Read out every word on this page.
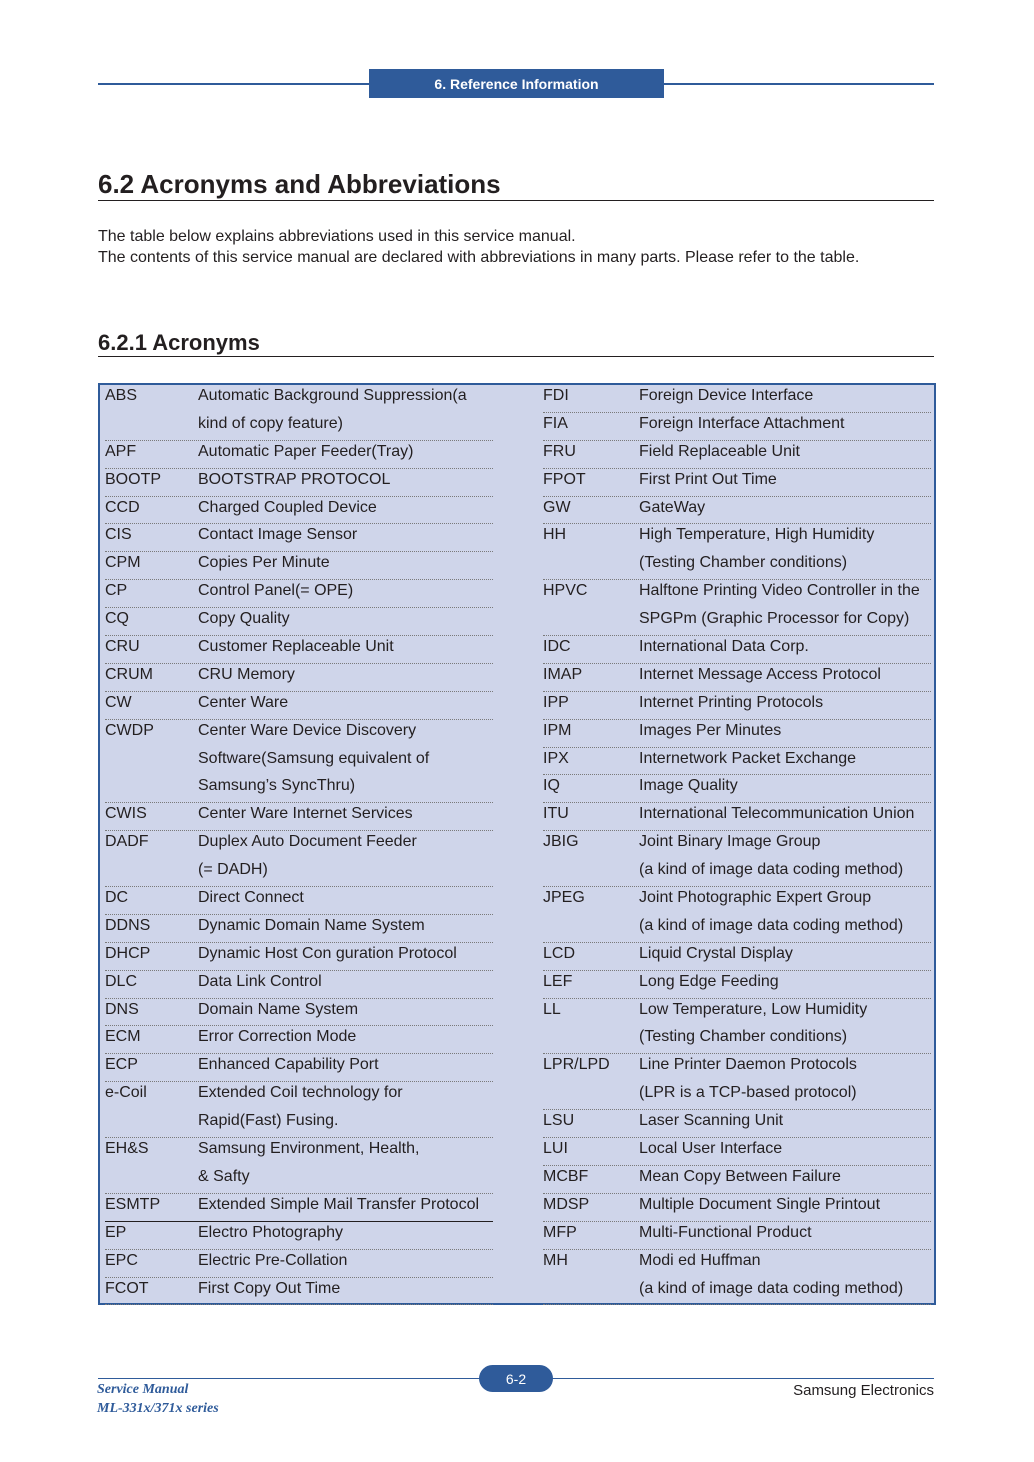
6. Reference Information
6.2 Acronyms and Abbreviations

The table below explains abbreviations used in this service manual.

The contents of this service manual are declared with abbreviations in many parts. Please refer to the table.

6.2.1 Acronyms
ABS	Automatic Background Suppression(a
kind of copy feature)
APF	Automatic Paper Feeder(Tray)
BOOTP BOOTSTRAP PROTOCOL
CCD	Charged Coupled Device
CIS	Contact Image Sensor
CPM	Copies Per Minute
CP	Control Panel(= OPE)
CQ	Copy Quality
CRU	Customer Replaceable Unit
CRUM	CRU Memory
CW	Center Ware
CWDP	Center Ware Device Discovery
Software(Samsung equivalent of
Samsung’s SyncThru)
CWIS	Center Ware Internet Services
DADF	Duplex Auto Document Feeder
(= DADH)
DC	Direct Connect
DDNS	Dynamic Domain Name System
DHCP	Dynamic Host Con guration Protocol
DLC	Data Link Control
DNS	Domain Name System
ECM	Error Correction Mode
ECP	Enhanced Capability Port
e-Coil	Extended Coil technology for
Rapid(Fast) Fusing.
EH&S	Samsung Environment, Health,
& Safty
ESMTP Extended Simple Mail Transfer Protocol
EP	Electro Photography
EPC	Electric Pre-Collation
FCOT	First Copy Out Time
FDI	Foreign Device Interface
FIA	Foreign Interface Attachment
FRU	Field Replaceable Unit
FPOT	First Print Out Time
GW	GateWay
HH	High Temperature, High Humidity
(Testing Chamber conditions)
HPVC	Halftone Printing Video Controller in the
SPGPm (Graphic Processor for Copy)
IDC	International Data Corp.
IMAP	Internet Message Access Protocol
IPP	Internet Printing Protocols
IPM	Images Per Minutes
IPX	Internetwork Packet Exchange
IQ	Image Quality
ITU	International Telecommunication Union
JBIG	Joint Binary Image Group
(a kind of image data coding method)
JPEG	Joint Photographic Expert Group
(a kind of image data coding method)
LCD	Liquid Crystal Display
LEF	Long Edge Feeding
LL	Low Temperature, Low Humidity
(Testing Chamber conditions)
LPR/LPD Line Printer Daemon Protocols
(LPR is a TCP-based protocol)
LSU	Laser Scanning Unit
LUI	Local User Interface
MCBF	Mean Copy Between Failure
MDSP	Multiple Document Single Printout
MFP	Multi-Functional Product
MH	Modi ed Huffman
(a kind of image data coding method)
6-2
Service Manual
ML-331x/371x series
Samsung Electronics
